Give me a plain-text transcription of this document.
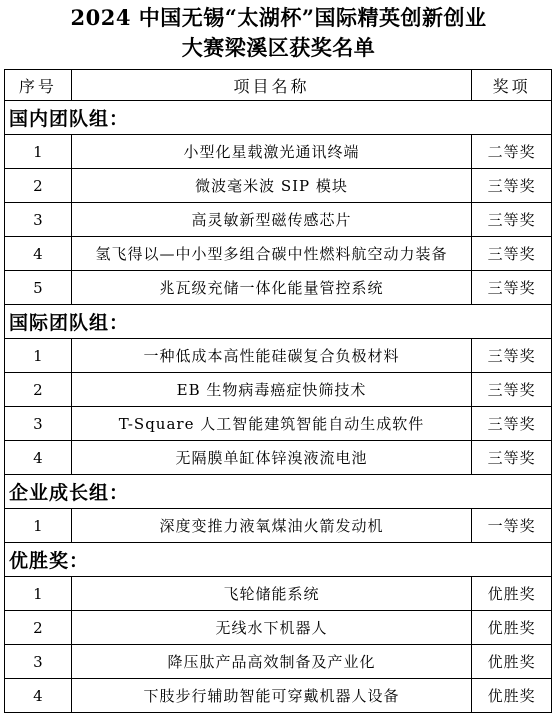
2024 中国无锡“太湖杯”国际精英创新创业
大赛梁溪区获奖名单
序号	项目名称	奖项
国内团队组：
1	小型化星载激光通讯终端	二等奖
2	微波毫米波 SIP 模块	三等奖
3	高灵敏新型磁传感芯片	三等奖
4	氢飞得以—中小型多组合碳中性燃料航空动力装备	三等奖
5	兆瓦级充储一体化能量管控系统	三等奖
国际团队组：
1	一种低成本高性能硅碳复合负极材料	三等奖
2	EB 生物病毒癌症快筛技术	三等奖
3	T-Square 人工智能建筑智能自动生成软件	三等奖
4	无隔膜单缸体锌溴液流电池	三等奖
企业成长组：
1	深度变推力液氧煤油火箭发动机	一等奖
优胜奖：
1	飞轮储能系统	优胜奖
2	无线水下机器人	优胜奖
3	降压肽产品高效制备及产业化	优胜奖
4	下肢步行辅助智能可穿戴机器人设备	优胜奖
